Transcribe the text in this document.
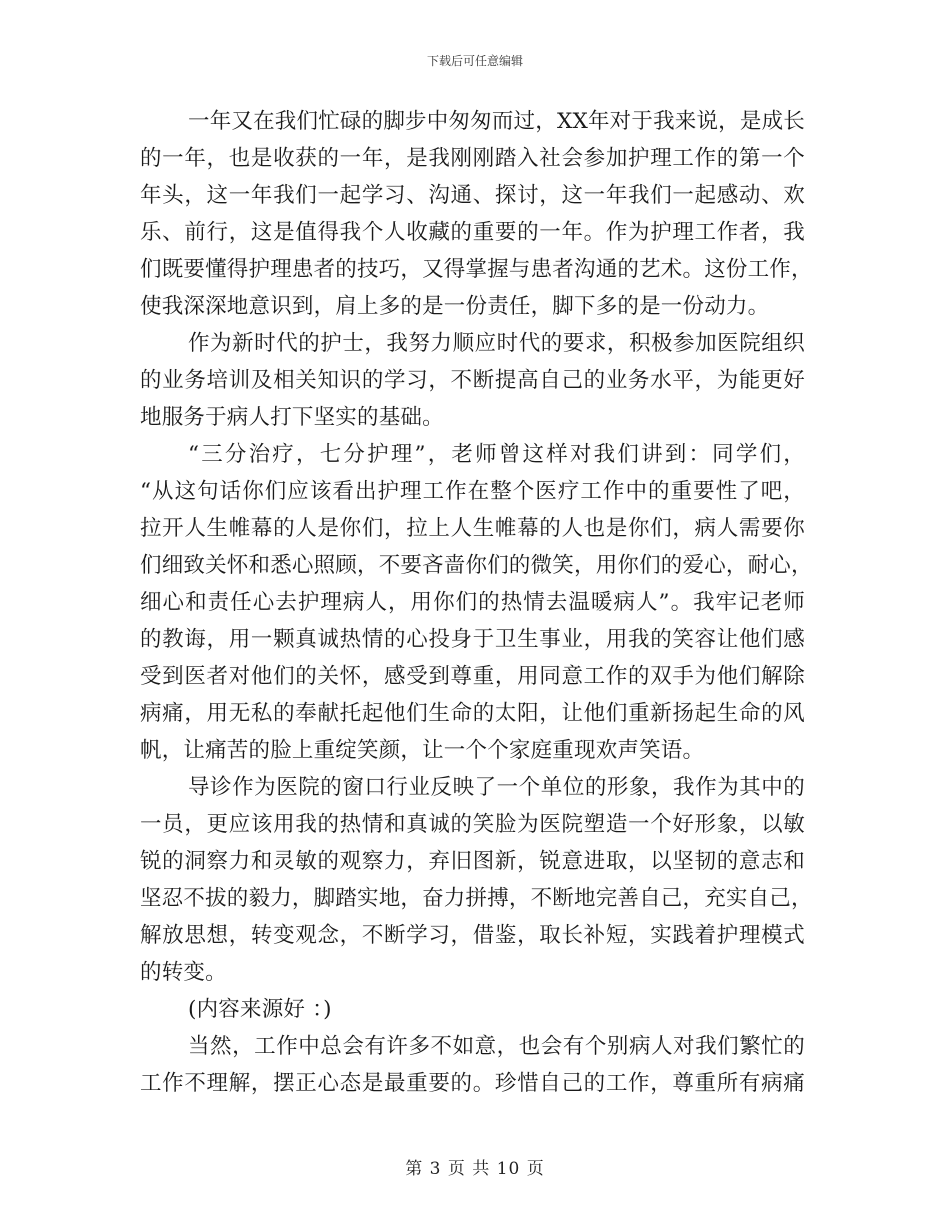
下载后可任意编辑
一年又在我们忙碌的脚步中匆匆而过，XX年对于我来说，是成长
的一年，也是收获的一年，是我刚刚踏入社会参加护理工作的第一个
年头，这一年我们一起学习、沟通、探讨，这一年我们一起感动、欢
乐、前行，这是值得我个人收藏的重要的一年。作为护理工作者，我
们既要懂得护理患者的技巧，又得掌握与患者沟通的艺术。这份工作，
使我深深地意识到，肩上多的是一份责任，脚下多的是一份动力。
作为新时代的护士，我努力顺应时代的要求，积极参加医院组织
的业务培训及相关知识的学习，不断提高自己的业务水平，为能更好
地服务于病人打下坚实的基础。
“三分治疗，七分护理”，老师曾这样对我们讲到：同学们，
“从这句话你们应该看出护理工作在整个医疗工作中的重要性了吧，
拉开人生帷幕的人是你们，拉上人生帷幕的人也是你们，病人需要你
们细致关怀和悉心照顾，不要吝啬你们的微笑，用你们的爱心，耐心，
细心和责任心去护理病人，用你们的热情去温暖病人”。我牢记老师
的教诲，用一颗真诚热情的心投身于卫生事业，用我的笑容让他们感
受到医者对他们的关怀，感受到尊重，用同意工作的双手为他们解除
病痛，用无私的奉献托起他们生命的太阳，让他们重新扬起生命的风
帆，让痛苦的脸上重绽笑颜，让一个个家庭重现欢声笑语。
导诊作为医院的窗口行业反映了一个单位的形象，我作为其中的
一员，更应该用我的热情和真诚的笑脸为医院塑造一个好形象，以敏
锐的洞察力和灵敏的观察力，弃旧图新，锐意进取，以坚韧的意志和
坚忍不拔的毅力，脚踏实地，奋力拼搏，不断地完善自己，充实自己，
解放思想，转变观念，不断学习，借鉴，取长补短，实践着护理模式
的转变。
(内容来源好 ：)
当然，工作中总会有许多不如意，也会有个别病人对我们繁忙的
工作不理解，摆正心态是最重要的。珍惜自己的工作，尊重所有病痛
第 3 页 共 10 页
